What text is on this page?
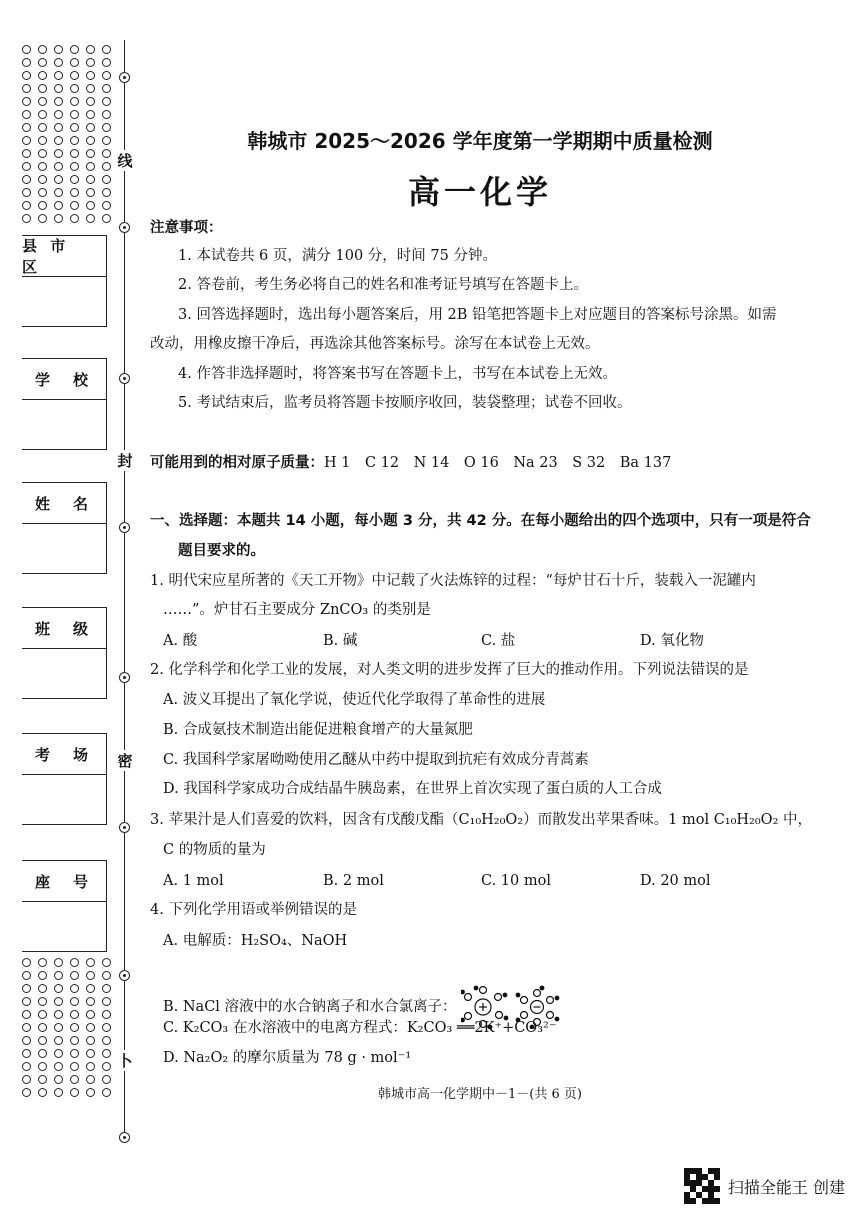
线
封
密
卜
县 市 区
学　校
姓　名
班　级
考　场
座　号
韩城市 2025～2026 学年度第一学期期中质量检测
高一化学
注意事项：
1. 本试卷共 6 页，满分 100 分，时间 75 分钟。
2. 答卷前，考生务必将自己的姓名和准考证号填写在答题卡上。
3. 回答选择题时，选出每小题答案后，用 2B 铅笔把答题卡上对应题目的答案标号涂黑。如需
改动，用橡皮擦干净后，再选涂其他答案标号。涂写在本试卷上无效。
4. 作答非选择题时，将答案书写在答题卡上，书写在本试卷上无效。
5. 考试结束后，监考员将答题卡按顺序收回，装袋整理；试卷不回收。
可能用到的相对原子质量：H 1　C 12　N 14　O 16　Na 23　S 32　Ba 137
一、选择题：本题共 14 小题，每小题 3 分，共 42 分。在每小题给出的四个选项中，只有一项是符合
题目要求的。
1. 明代宋应星所著的《天工开物》中记载了火法炼锌的过程：“每炉甘石十斤，装载入一泥罐内
……”。炉甘石主要成分 ZnCO₃ 的类别是
A. 酸	B. 碱	C. 盐	D. 氧化物
2. 化学科学和化学工业的发展，对人类文明的进步发挥了巨大的推动作用。下列说法错误的是
A. 波义耳提出了氧化学说，使近代化学取得了革命性的进展
B. 合成氨技术制造出能促进粮食增产的大量氮肥
C. 我国科学家屠呦呦使用乙醚从中药中提取到抗疟有效成分青蒿素
D. 我国科学家成功合成结晶牛胰岛素，在世界上首次实现了蛋白质的人工合成
3. 苹果汁是人们喜爱的饮料，因含有戊酸戊酯（C₁₀H₂₀O₂）而散发出苹果香味。1 mol C₁₀H₂₀O₂ 中，
C 的物质的量为
A. 1 mol	B. 2 mol	C. 10 mol	D. 20 mol
4. 下列化学用语或举例错误的是
A. 电解质：H₂SO₄、NaOH
B. NaCl 溶液中的水合钠离子和水合氯离子：
C. K₂CO₃ 在水溶液中的电离方程式：K₂CO₃ ══2K⁺+CO₃²⁻
D. Na₂O₂ 的摩尔质量为 78 g · mol⁻¹
韩城市高一化学期中－1－(共 6 页)
扫描全能王 创建
